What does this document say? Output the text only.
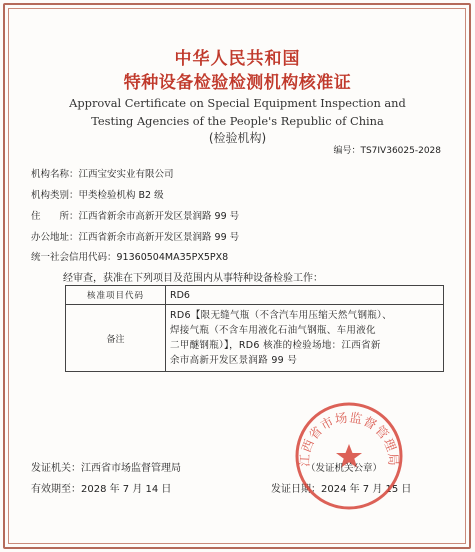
中华人民共和国
特种设备检验检测机构核准证
Approval Certificate on Special Equipment Inspection and
Testing Agencies of the People's Republic of China
(检验机构)
编号：TS7IV36025-2028
机构名称：江西宝安实业有限公司
机构类别：甲类检验机构 B2 级
住　　所：江西省新余市高新开发区景润路 99 号
办公地址：江西省新余市高新开发区景润路 99 号
统一社会信用代码：91360504MA35PX5PX8
经审查，获准在下列项目及范围内从事特种设备检验工作：
核准项目代码	RD6
备注	RD6【限无缝气瓶（不含汽车用压缩天然气钢瓶）、
焊接气瓶（不含车用液化石油气钢瓶、车用液化
二甲醚钢瓶）】，RD6 核准的检验场地：江西省新
余市高新开发区景润路 99 号
发证机关：江西省市场监督管理局
有效期至：2028 年 7 月 14 日	发证日期：2024 年 7 月 15 日
江西省市场监督管理局
（发证机关公章）
